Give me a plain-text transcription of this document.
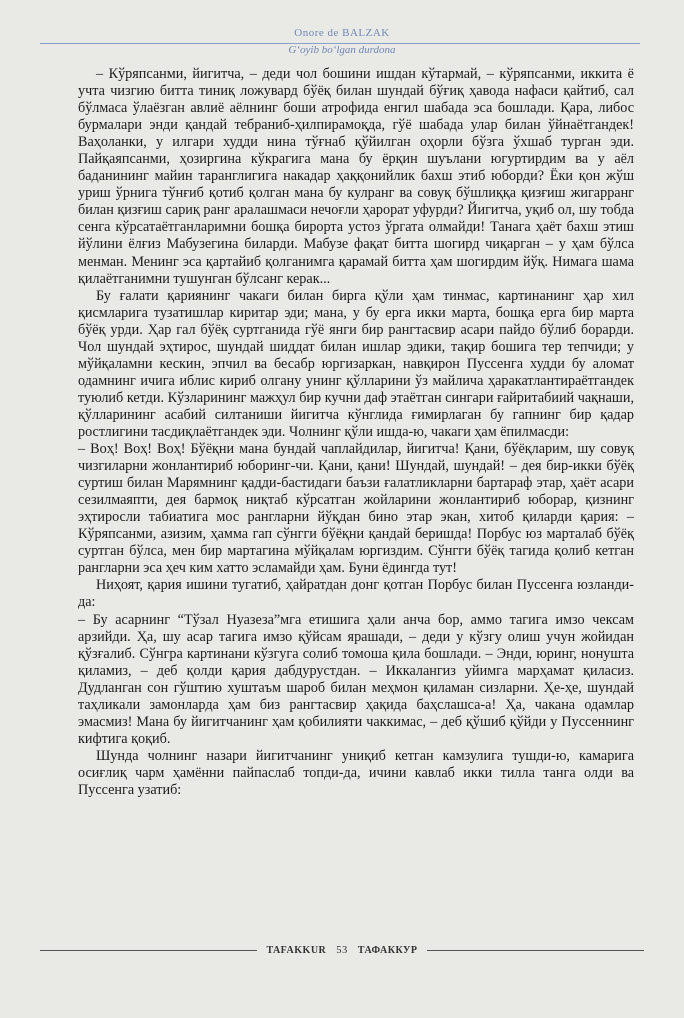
Onore de BALZAK
G‘oyib bo‘lgan durdona

– Кўряпсанми, йигитча, – деди чол бошини ишдан кўтармай, – кўряпсанми, иккита ё учта чизгию битта тиниқ ложувард бўёқ билан шундай бўғиқ ҳавода нафаси қайтиб, сал бўлмаса ўлаёзган авлиё аёлнинг боши атрофида енгил шабада эса бошлади. Қара, либос бурмалари энди қандай тебраниб-ҳилпирамоқда, гўё шабада улар билан ўйнаётгандек! Ваҳоланки, у илгари худди нина тўғнаб қўйилган оҳорли бўзга ўхшаб турган эди. Пайқаяпсанми, ҳозиргина кўкрагига мана бу ёрқин шуълани югуртирдим ва у аёл баданининг майин таранглигига накадар ҳаққонийлик бахш этиб юборди? Ёки қон жўш уриш ўрнига тўнғиб қотиб қолган мана бу кулранг ва совуқ бўшлиққа қизғиш жигарранг билан қизғиш сариқ ранг аралашмаси нечоғли ҳарорат уфурди? Йигитча, уқиб ол, шу тобда сенга кўрсатаётганларимни бошқа бирорта устоз ўргата олмайди! Танага ҳаёт бахш этиш йўлини ёлғиз Мабузегина биларди. Мабузе фақат битта шогирд чиқарган – у ҳам бўлса менман. Менинг эса қартайиб қолганимга қарамай битта ҳам шогирдим йўқ. Нимага шама қилаётганимни тушунган бўлсанг керак...

Бу ғалати қариянинг чакаги билан бирга қўли ҳам тинмас, картинанинг ҳар хил қисмларига тузатишлар киритар эди; мана, у бу ерга икки марта, бошқа ерга бир марта бўёқ урди. Ҳар гал бўёқ суртганида гўё янги бир рангтасвир асари пайдо бўлиб борарди. Чол шундай эҳтирос, шундай шиддат билан ишлар эдики, тақир бошига тер тепчиди; у мўйқаламни кескин, эпчил ва бесабр юргизаркан, навқирон Пуссенга худди бу аломат одамнинг ичига иблис кириб олгану унинг қўлларини ўз майлича ҳаракатлантираётгандек туюлиб кетди. Кўзларининг мажҳул бир кучни даф этаётган сингари ғайритабиий чақнаши, қўлларининг асабий силтаниши йигитча кўнглида ғимирлаган бу гапнинг бир қадар ростлигини тасдиқлаётгандек эди. Чолнинг қўли ишда-ю, чакаги ҳам ёпилмасди:

– Воҳ! Воҳ! Воҳ! Бўёқни мана бундай чаплайдилар, йигитча! Қани, бўёқларим, шу совуқ чизгиларни жонлантириб юборинг-чи. Қани, қани! Шундай, шундай! – дея бир-икки бўёқ суртиш билан Марямнинг қадди-бастидаги баъзи ғалатликларни бартараф этар, ҳаёт асари сезилмаяпти, дея бармоқ ниқтаб кўрсатган жойларини жонлантириб юборар, қизнинг эҳтиросли табиатига мос рангларни йўқдан бино этар экан, хитоб қиларди қария: – Кўряпсанми, азизим, ҳамма гап сўнгги бўёқни қандай беришда! Порбус юз марталаб бўёқ суртган бўлса, мен бир мартагина мўйқалам юргиздим. Сўнгги бўёқ тагида қолиб кетган рангларни эса ҳеч ким хатто эсламайди ҳам. Буни ёдингда тут!

Ниҳоят, қария ишини тугатиб, ҳайратдан донг қотган Порбус билан Пуссенга юзланди-да:

– Бу асарнинг “Тўзал Нуазеза”мга етишига ҳали анча бор, аммо тагига имзо чексам арзийди. Ҳа, шу асар тагига имзо қўйсам ярашади, – деди у кўзгу олиш учун жойидан қўзғалиб. Сўнгра картинани кўзгуга солиб томоша қила бошлади. – Энди, юринг, нонушта қиламиз, – деб қолди қария дабдурустдан. – Иккалангиз уйимга марҳамат қиласиз. Дудланган сон гўштию хуштаъм шароб билан меҳмон қиламан сизларни. Ҳе-ҳе, шундай таҳликали замонларда ҳам биз рангтасвир ҳақида баҳслашса-а! Ҳа, чакана одамлар эмасмиз! Мана бу йигитчанинг ҳам қобилияти чаккимас, – деб қўшиб қўйди у Пуссеннинг кифтига қоқиб.

Шунда чолнинг назари йигитчанинг униқиб кетган камзулига тушди-ю, камарига осиғлиқ чарм ҳамённи пайпаслаб топди-да, ичини кавлаб икки тилла танга олди ва Пуссенга узатиб:

TAFAKKUR 53 ТАФАККУР
